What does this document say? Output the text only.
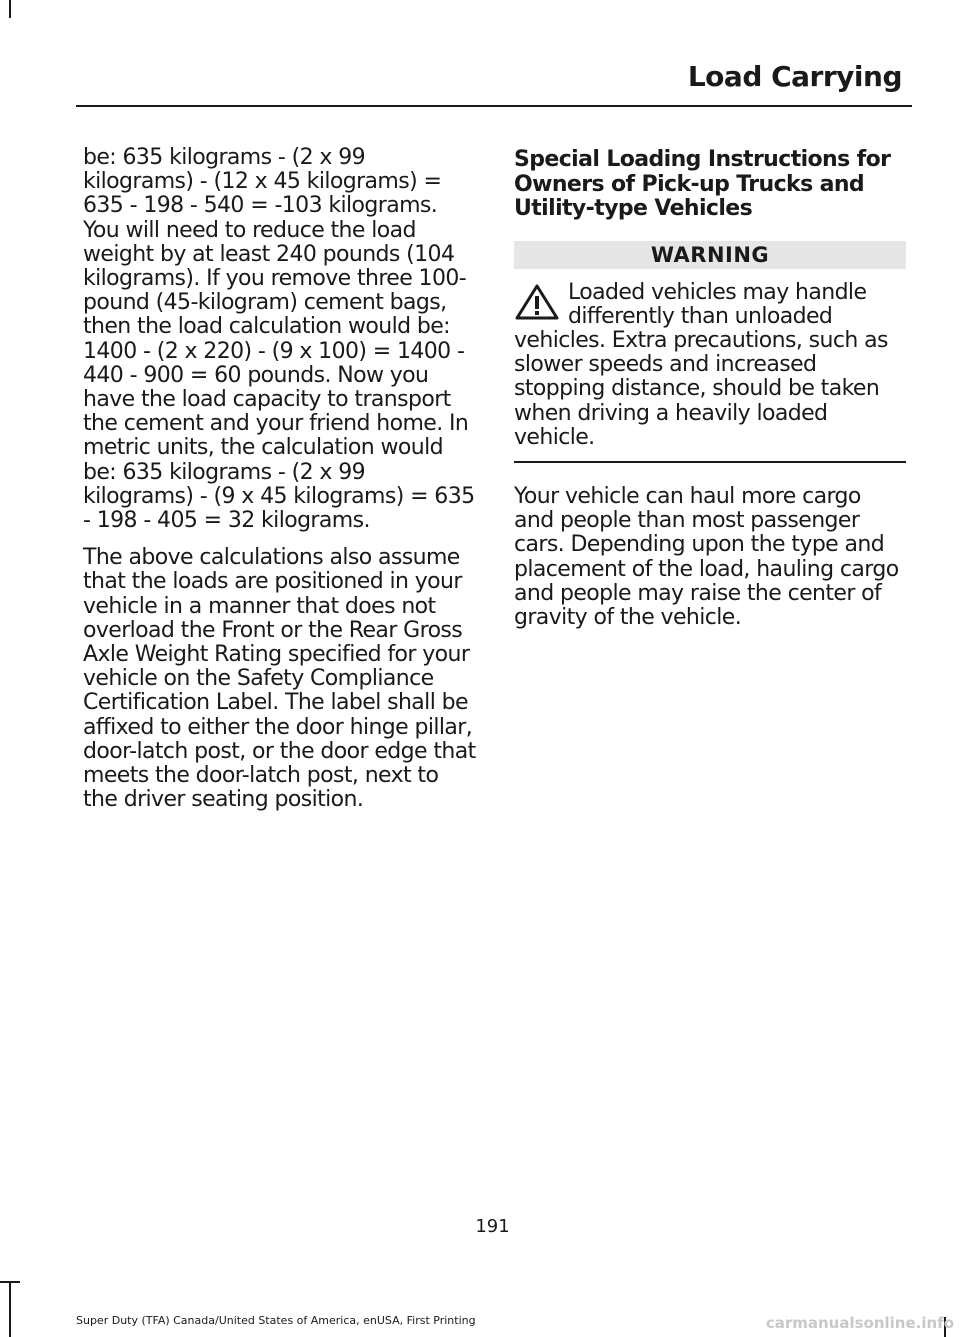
Load Carrying

be: 635 kilograms - (2 x 99 kilograms) - (12 x 45 kilograms) = 635 - 198 - 540 = -103 kilograms. You will need to reduce the load weight by at least 240 pounds (104 kilograms). If you remove three 100-pound (45-kilogram) cement bags, then the load calculation would be: 1400 - (2 x 220) - (9 x 100) = 1400 - 440 - 900 = 60 pounds. Now you have the load capacity to transport the cement and your friend home. In metric units, the calculation would be: 635 kilograms - (2 x 99 kilograms) - (9 x 45 kilograms) = 635 - 198 - 405 = 32 kilograms.

The above calculations also assume that the loads are positioned in your vehicle in a manner that does not overload the Front or the Rear Gross Axle Weight Rating specified for your vehicle on the Safety Compliance Certification Label. The label shall be affixed to either the door hinge pillar, door-latch post, or the door edge that meets the door-latch post, next to the driver seating position.

Special Loading Instructions for Owners of Pick-up Trucks and Utility-type Vehicles
WARNING
Loaded vehicles may handle differently than unloaded vehicles. Extra precautions, such as slower speeds and increased stopping distance, should be taken when driving a heavily loaded vehicle.

Your vehicle can haul more cargo and people than most passenger cars. Depending upon the type and placement of the load, hauling cargo and people may raise the center of gravity of the vehicle.

191
Super Duty (TFA) Canada/United States of America, enUSA, First Printing	carmanualsonline.info
